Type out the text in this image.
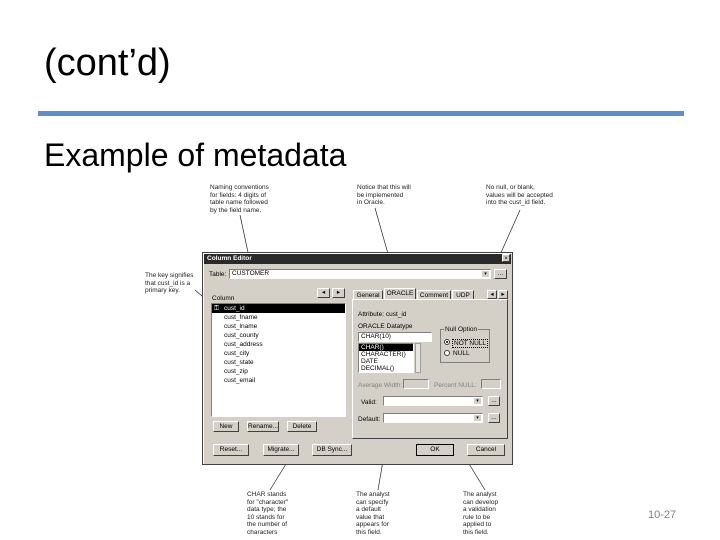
(cont’d)
Example of metadata
10-27
Naming conventions
for fields: 4 digits of
table name followed
by the field name.
Notice that this will
be implemented
in Oracle.
No null, or blank,
values will be accepted
into the cust_id field.
The key signifies
that cust_id is a
primary key.
CHAR stands
for "character"
data type; the
10 stands for
the number of
characters
The analyst
can specify
a default
value that
appears for
this field.
The analyst
can develop
a validation
rule to be
applied to
this field.
Column Editor	×
Table: CUSTOMER	▾	...
Column
◂	▸
⚿ cust_id
cust_fname
cust_lname
cust_county
cust_address
cust_city
cust_state
cust_zip
cust_email
New	Rename...	Delete
General	ORACLE	Comment	UDP	◂	▸
Attribute: cust_id
ORACLE Datatype
CHAR(10)
CHAR()
CHARACTER()
DATE
DECIMAL()
Null Option
NOT NULL
NULL
Average Width:	Percent NULL:
Valid:	▾	...
Default:	▾	...
Reset...	Migrate...	DB Sync...	OK	Cancel
